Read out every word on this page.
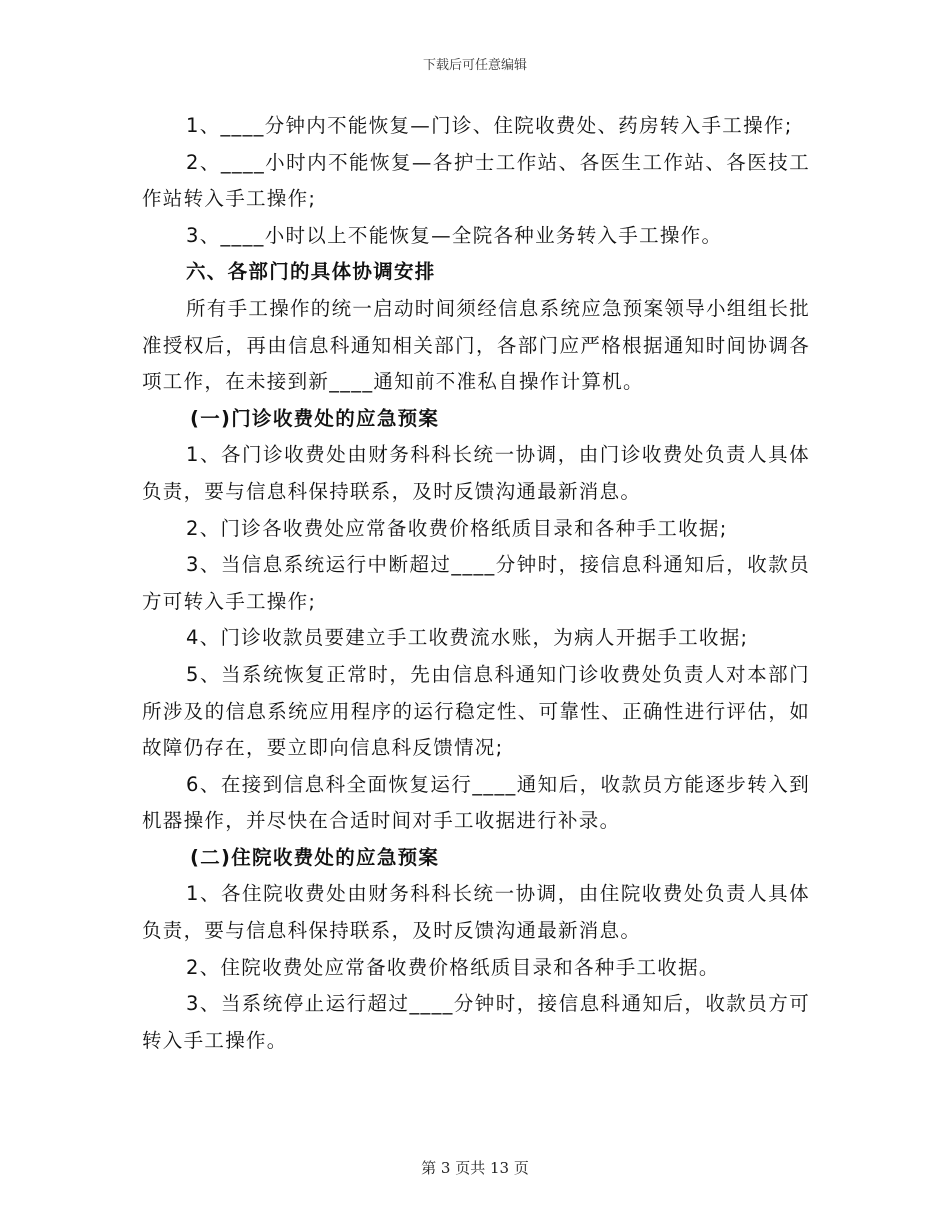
下载后可任意编辑

1、____分钟内不能恢复—门诊、住院收费处、药房转入手工操作;

2、____小时内不能恢复—各护士工作站、各医生工作站、各医技工作站转入手工操作;

3、____小时以上不能恢复—全院各种业务转入手工操作。

六、各部门的具体协调安排

所有手工操作的统一启动时间须经信息系统应急预案领导小组组长批准授权后，再由信息科通知相关部门，各部门应严格根据通知时间协调各项工作，在未接到新____通知前不准私自操作计算机。

(一)门诊收费处的应急预案

1、各门诊收费处由财务科科长统一协调，由门诊收费处负责人具体负责，要与信息科保持联系，及时反馈沟通最新消息。

2、门诊各收费处应常备收费价格纸质目录和各种手工收据;

3、当信息系统运行中断超过____分钟时，接信息科通知后，收款员方可转入手工操作;

4、门诊收款员要建立手工收费流水账，为病人开据手工收据;

5、当系统恢复正常时，先由信息科通知门诊收费处负责人对本部门所涉及的信息系统应用程序的运行稳定性、可靠性、正确性进行评估，如故障仍存在，要立即向信息科反馈情况;

6、在接到信息科全面恢复运行____通知后，收款员方能逐步转入到机器操作，并尽快在合适时间对手工收据进行补录。

(二)住院收费处的应急预案

1、各住院收费处由财务科科长统一协调，由住院收费处负责人具体负责，要与信息科保持联系，及时反馈沟通最新消息。

2、住院收费处应常备收费价格纸质目录和各种手工收据。

3、当系统停止运行超过____分钟时，接信息科通知后，收款员方可转入手工操作。

第 3 页共 13 页
